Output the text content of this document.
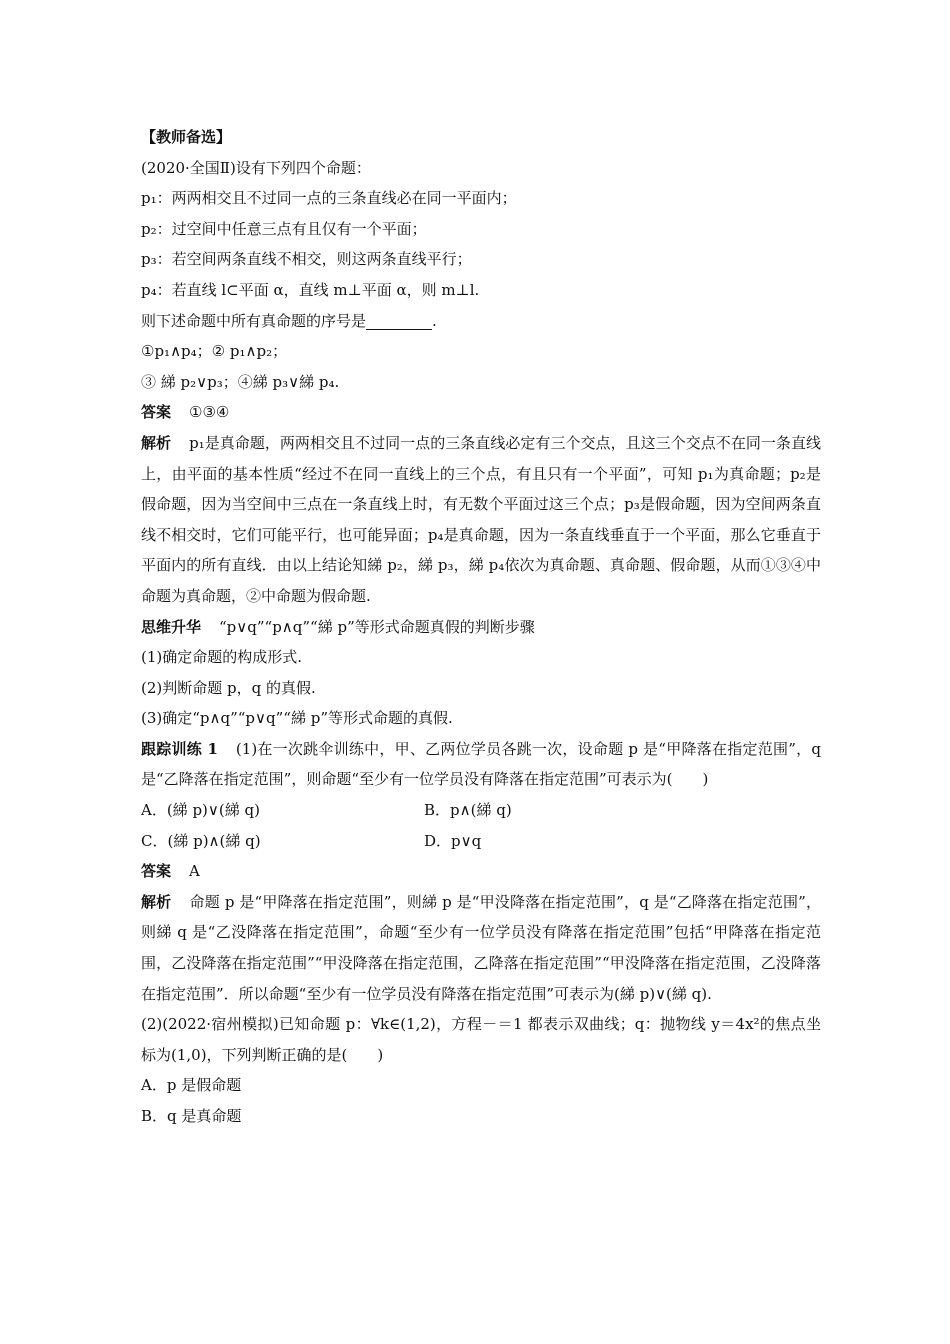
【教师备选】
(2020·全国Ⅱ)设有下列四个命题：
p₁：两两相交且不过同一点的三条直线必在同一平面内；
p₂：过空间中任意三点有且仅有一个平面；
p₃：若空间两条直线不相交，则这两条直线平行；
p₄：若直线 l⊂平面 α，直线 m⊥平面 α，则 m⊥l.
则下述命题中所有真命题的序号是	.
①p₁∧p₄；② p₁∧p₂；
③ 綈 p₂∨p₃；④綈 p₃∨綈 p₄.
答案 ①③④
解析 p₁是真命题，两两相交且不过同一点的三条直线必定有三个交点，且这三个交点不在同一条直线上，由平面的基本性质“经过不在同一直线上的三个点，有且只有一个平面”，可知 p₁为真命题；p₂是假命题，因为当空间中三点在一条直线上时，有无数个平面过这三个点；p₃是假命题，因为空间两条直线不相交时，它们可能平行，也可能异面；p₄是真命题，因为一条直线垂直于一个平面，那么它垂直于平面内的所有直线．由以上结论知綈 p₂，綈 p₃，綈 p₄依次为真命题、真命题、假命题，从而①③④中命题为真命题，②中命题为假命题.
思维升华 “p∨q”“p∧q”“綈 p”等形式命题真假的判断步骤
(1)确定命题的构成形式.
(2)判断命题 p，q 的真假.
(3)确定“p∧q”“p∨q”“綈 p”等形式命题的真假.
跟踪训练 1 (1)在一次跳伞训练中，甲、乙两位学员各跳一次，设命题 p 是“甲降落在指定范围”，q 是“乙降落在指定范围”，则命题“至少有一位学员没有降落在指定范围”可表示为(　　)
A．(綈 p)∨(綈 q)	B．p∧(綈 q)
C．(綈 p)∧(綈 q)	D．p∨q
答案 A
解析 命题 p 是“甲降落在指定范围”，则綈 p 是“甲没降落在指定范围”，q 是“乙降落在指定范围”，则綈 q 是“乙没降落在指定范围”，命题“至少有一位学员没有降落在指定范围”包括“甲降落在指定范围，乙没降落在指定范围”“甲没降落在指定范围，乙降落在指定范围”“甲没降落在指定范围，乙没降落在指定范围”．所以命题“至少有一位学员没有降落在指定范围”可表示为(綈 p)∨(綈 q).
(2)(2022·宿州模拟)已知命题 p：∀k∈(1,2)，方程－＝1 都表示双曲线；q：抛物线 y＝4x²的焦点坐标为(1,0)，下列判断正确的是(　　)
A．p 是假命题
B．q 是真命题
